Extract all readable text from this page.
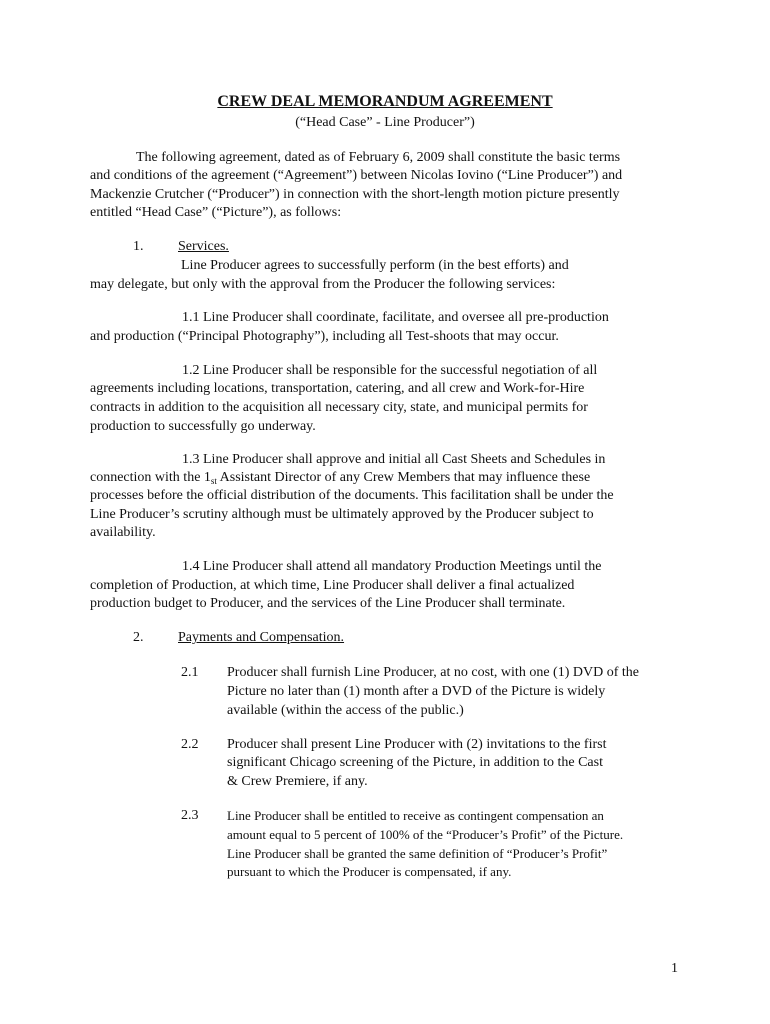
CREW DEAL MEMORANDUM AGREEMENT
(“Head Case” - Line Producer”)
The following agreement, dated as of February 6, 2009 shall constitute the basic terms
and conditions of the agreement (“Agreement”) between Nicolas Iovino (“Line Producer”) and
Mackenzie Crutcher (“Producer”) in connection with the short-length motion picture presently
entitled “Head Case” (“Picture”), as follows:
1. Services.
Line Producer agrees to successfully perform (in the best efforts) and
may delegate, but only with the approval from the Producer the following services:
1.1 Line Producer shall coordinate, facilitate, and oversee all pre-production
and production (“Principal Photography”), including all Test-shoots that may occur.
1.2 Line Producer shall be responsible for the successful negotiation of all
agreements including locations, transportation, catering, and all crew and Work-for-Hire
contracts in addition to the acquisition all necessary city, state, and municipal permits for
production to successfully go underway.
1.3 Line Producer shall approve and initial all Cast Sheets and Schedules in
connection with the $1_{st}$ Assistant Director of any Crew Members that may influence these
processes before the official distribution of the documents. This facilitation shall be under the
Line Producer’s scrutiny although must be ultimately approved by the Producer subject to
availability.
1.4 Line Producer shall attend all mandatory Production Meetings until the
completion of Production, at which time, Line Producer shall deliver a final actualized
production budget to Producer, and the services of the Line Producer shall terminate.
2. Payments and Compensation.
2.1 Producer shall furnish Line Producer, at no cost, with one (1) DVD of the
Picture no later than (1) month after a DVD of the Picture is widely
available (within the access of the public.)
2.2 Producer shall present Line Producer with (2) invitations to the first
significant Chicago screening of the Picture, in addition to the Cast
& Crew Premiere, if any.
2.3 Line Producer shall be entitled to receive as contingent compensation an
amount equal to 5 percent of 100% of the “Producer’s Profit” of the Picture.
Line Producer shall be granted the same definition of “Producer’s Profit”
pursuant to which the Producer is compensated, if any.
1
